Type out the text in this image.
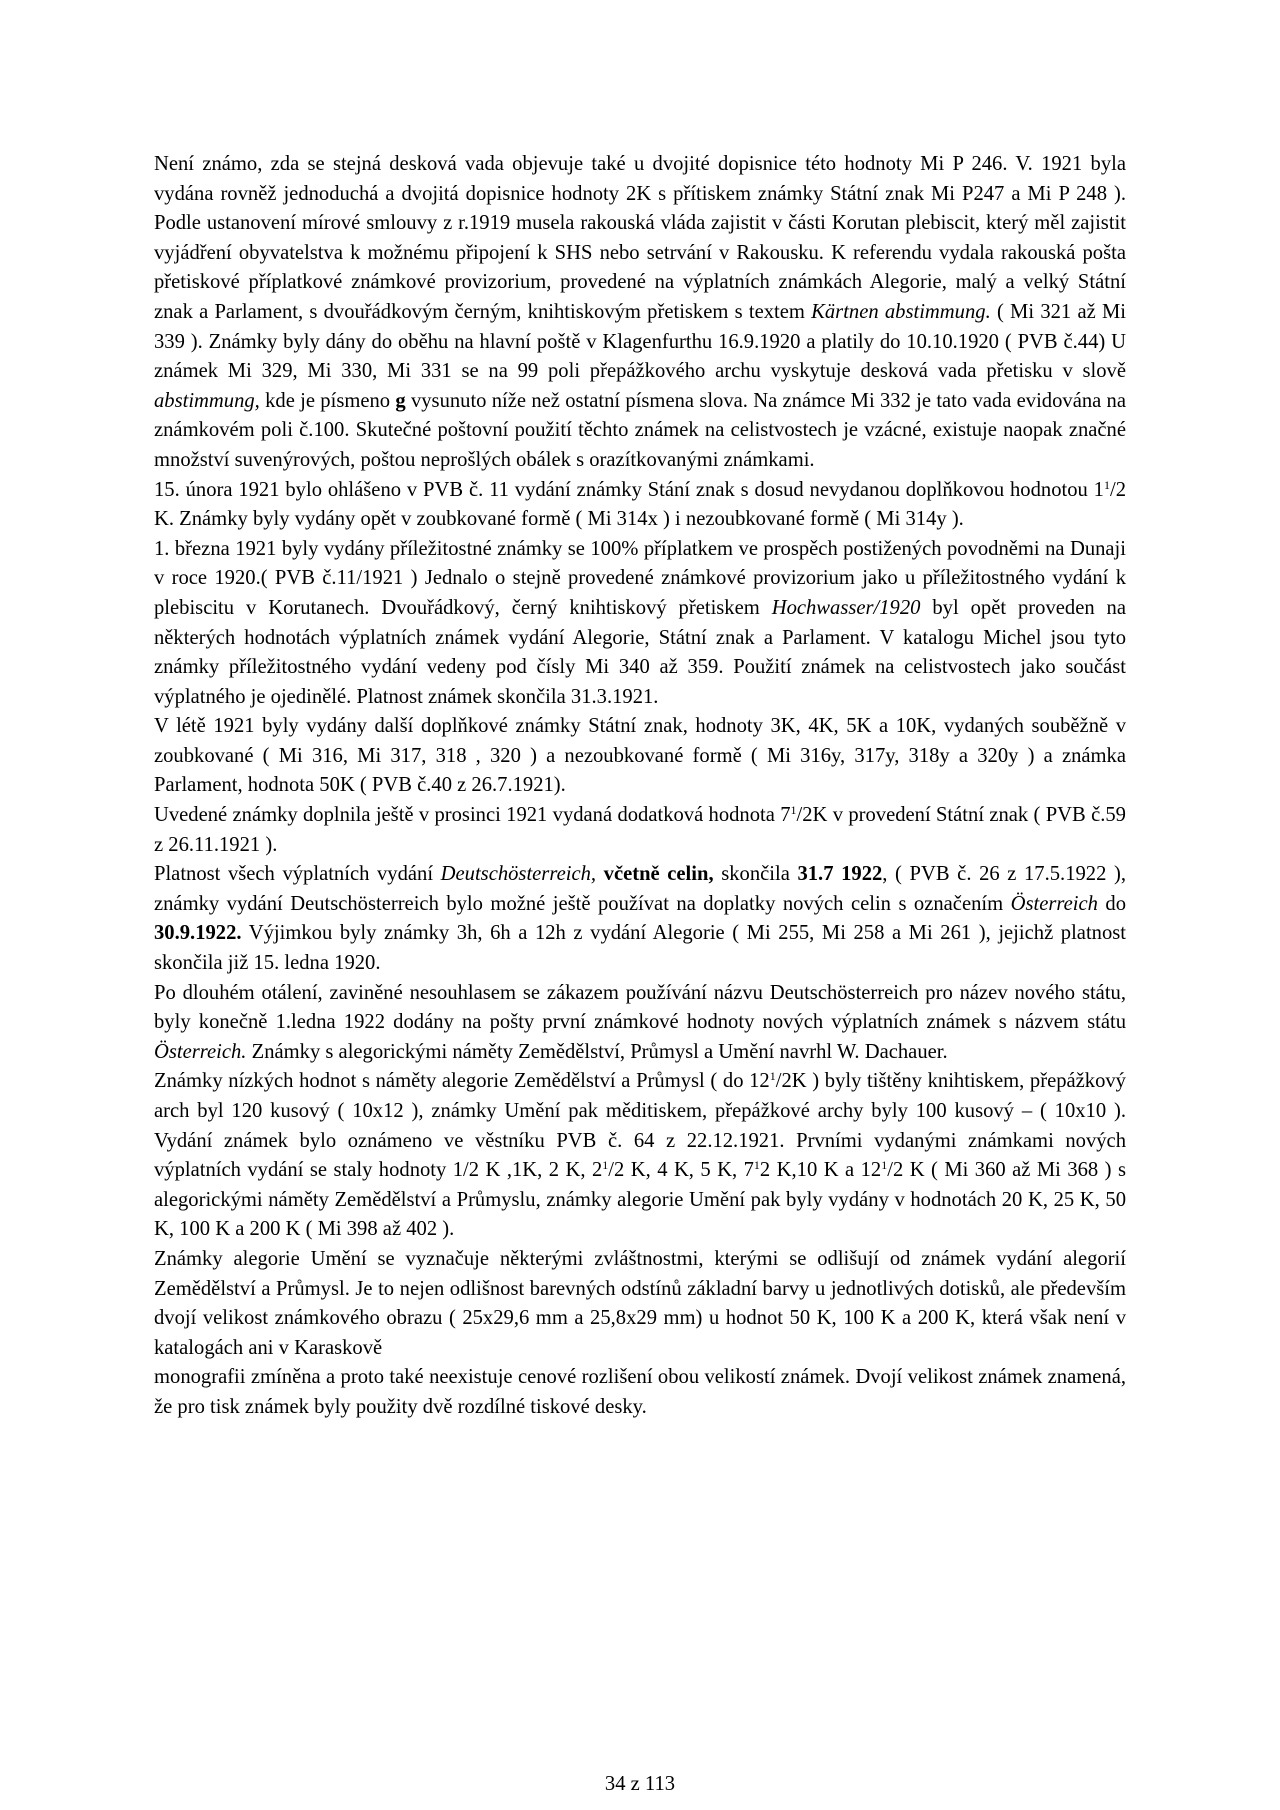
Není známo, zda se stejná desková vada objevuje také u dvojité dopisnice této hodnoty Mi P 246. V. 1921 byla vydána rovněž jednoduchá a dvojitá dopisnice hodnoty 2K s přítiskem známky Státní znak Mi P247 a Mi P 248 ). Podle ustanovení mírové smlouvy z r.1919 musela rakouská vláda zajistit v části Korutan plebiscit, který měl zajistit vyjádření obyvatelstva k možnému připojení k SHS nebo setrvání v Rakousku. K referendu vydala rakouská pošta přetiskové příplatkové známkové provizorium, provedené na výplatních známkách Alegorie, malý a velký Státní znak a Parlament, s dvouřádkovým černým, knihtiskovým přetiskem s textem Kärtnen abstimmung. ( Mi 321 až Mi 339 ). Známky byly dány do oběhu na hlavní poště v Klagenfurthu 16.9.1920 a platily do 10.10.1920 ( PVB č.44) U známek Mi 329, Mi 330, Mi 331 se na 99 poli přepážkového archu vyskytuje desková vada přetisku v slově abstimmung, kde je písmeno g vysunuto níže než ostatní písmena slova. Na známce Mi 332 je tato vada evidována na známkovém poli č.100. Skutečné poštovní použití těchto známek na celistvostech je vzácné, existuje naopak značné množství suvenýrových, poštou neprošlých obálek s orazítkovanými známkami.

15. února 1921 bylo ohlášeno v PVB č. 11 vydání známky Stání znak s dosud nevydanou doplňkovou hodnotou $1^1/2$ K. Známky byly vydány opět v zoubkované formě ( Mi 314x ) i nezoubkované formě ( Mi 314y ).

1. března 1921 byly vydány příležitostné známky se 100% příplatkem ve prospěch postižených povodněmi na Dunaji v roce 1920.( PVB č.11/1921 ) Jednalo o stejně provedené známkové provizorium jako u příležitostného vydání k plebiscitu v Korutanech. Dvouřádkový, černý knihtiskový přetiskem Hochwasser/1920 byl opět proveden na některých hodnotách výplatních známek vydání Alegorie, Státní znak a Parlament. V katalogu Michel jsou tyto známky příležitostného vydání vedeny pod čísly Mi 340 až 359. Použití známek na celistvostech jako součást výplatného je ojedinělé. Platnost známek skončila 31.3.1921.

V létě 1921 byly vydány další doplňkové známky Státní znak, hodnoty 3K, 4K, 5K a 10K, vydaných souběžně v zoubkované ( Mi 316, Mi 317, 318 , 320 ) a nezoubkované formě ( Mi 316y, 317y, 318y a 320y ) a známka Parlament, hodnota 50K ( PVB č.40 z 26.7.1921).

Uvedené známky doplnila ještě v prosinci 1921 vydaná dodatková hodnota $7^1/2K$ v provedení Státní znak ( PVB č.59 z 26.11.1921 ).

Platnost všech výplatních vydání Deutschösterreich, včetně celin, skončila 31.7 1922, ( PVB č. 26 z 17.5.1922 ), známky vydání Deutschösterreich bylo možné ještě používat na doplatky nových celin s označením Österreich do 30.9.1922. Výjimkou byly známky 3h, 6h a 12h z vydání Alegorie ( Mi 255, Mi 258 a Mi 261 ), jejichž platnost skončila již 15. ledna 1920.

Po dlouhém otálení, zaviněné nesouhlasem se zákazem používání názvu Deutschösterreich pro název nového státu, byly konečně 1.ledna 1922 dodány na pošty první známkové hodnoty nových výplatních známek s názvem státu Österreich. Známky s alegorickými náměty Zemědělství, Průmysl a Umění navrhl W. Dachauer.

Známky nízkých hodnot s náměty alegorie Zemědělství a Průmysl ( do $12^1/2K$ ) byly tištěny knihtiskem, přepážkový arch byl 120 kusový ( 10x12 ), známky Umění pak měditiskem, přepážkové archy byly 100 kusový – ( 10x10 ). Vydání známek bylo oznámeno ve věstníku PVB č. 64 z 22.12.1921. Prvními vydanými známkami nových výplatních vydání se staly hodnoty 1/2 K ,1K, 2 K, $2^1/2$ K, 4 K, 5 K, $7^12$ K,10 K a $12^1/2$ K ( Mi 360 až Mi 368 ) s alegorickými náměty Zemědělství a Průmyslu, známky alegorie Umění pak byly vydány v hodnotách 20 K, 25 K, 50 K, 100 K a 200 K ( Mi 398 až 402 ).

Známky alegorie Umění se vyznačuje některými zvláštnostmi, kterými se odlišují od známek vydání alegorií Zemědělství a Průmysl. Je to nejen odlišnost barevných odstínů základní barvy u jednotlivých dotisků, ale především dvojí velikost známkového obrazu ( 25x29,6 mm a 25,8x29 mm) u hodnot 50 K, 100 K a 200 K, která však není v katalogách ani v Karaskově

monografii zmíněna a proto také neexistuje cenové rozlišení obou velikostí známek. Dvojí velikost známek znamená, že pro tisk známek byly použity dvě rozdílné tiskové desky.

34 z 113
